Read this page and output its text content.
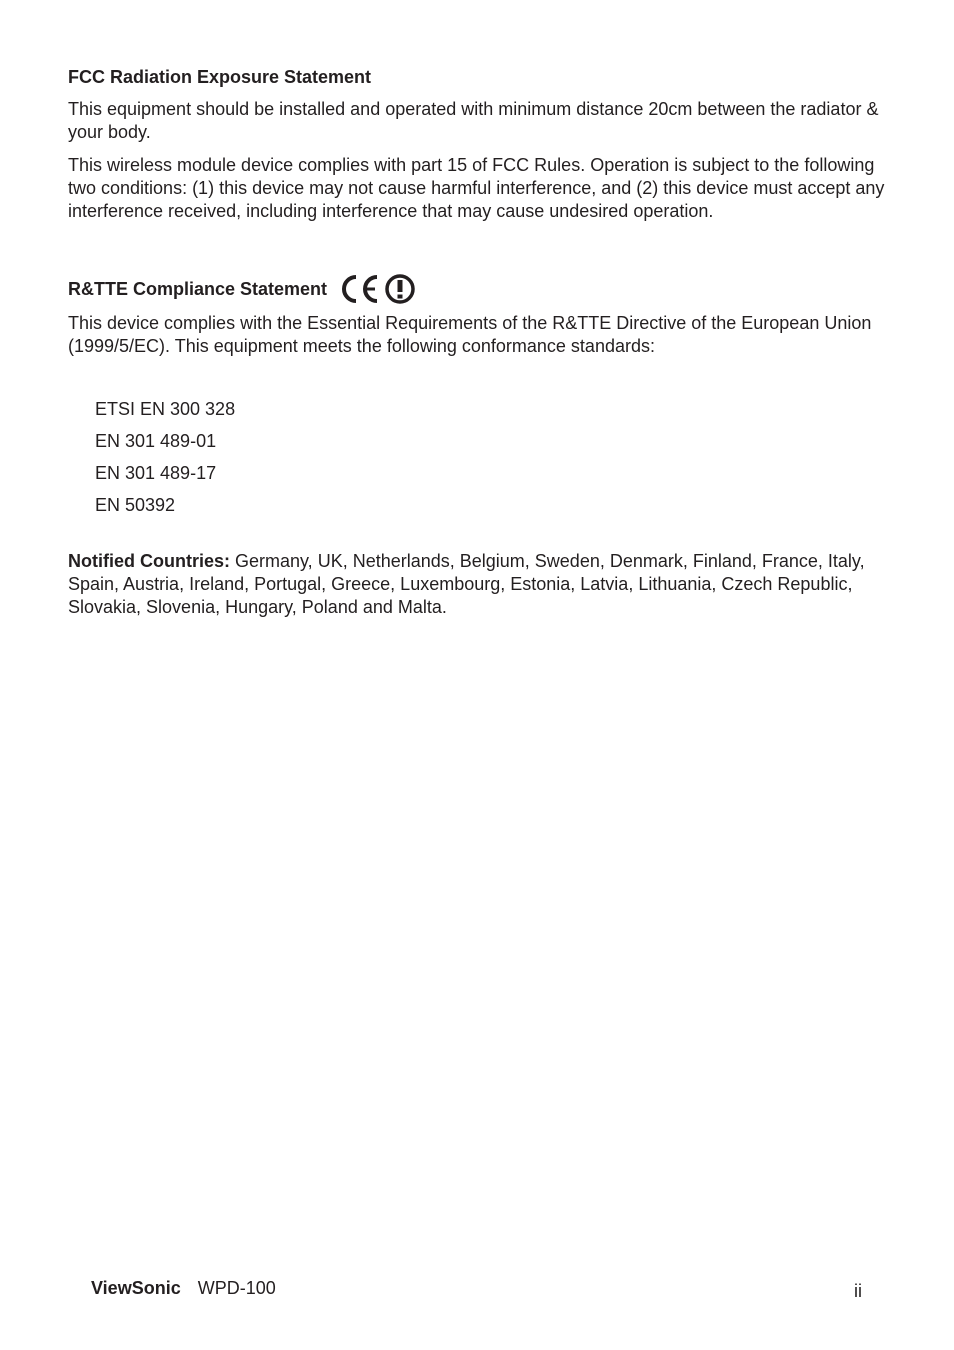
FCC Radiation Exposure Statement

This equipment should be installed and operated with minimum distance 20cm between the radiator & your body.

This wireless module device complies with part 15 of FCC Rules. Operation is subject to the following two conditions: (1) this device may not cause harmful interference, and (2) this device must accept any interference received, including interference that may cause undesired operation.

R&TTE Compliance Statement

This device complies with the Essential Requirements of the R&TTE Directive of the European Union (1999/5/EC). This equipment meets the following conformance standards:

ETSI EN 300 328
EN 301 489-01
EN 301 489-17
EN 50392

Notified Countries: Germany, UK, Netherlands, Belgium, Sweden, Denmark, Finland, France, Italy, Spain, Austria, Ireland, Portugal, Greece, Luxembourg, Estonia, Latvia, Lithuania, Czech Republic, Slovakia, Slovenia, Hungary, Poland and Malta.

ViewSonic WPD-100	ii
